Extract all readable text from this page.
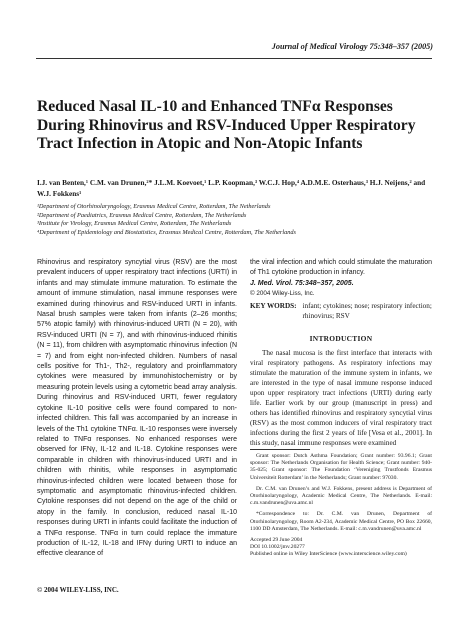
Journal of Medical Virology 75:348–357 (2005)
Reduced Nasal IL-10 and Enhanced TNFα Responses During Rhinovirus and RSV-Induced Upper Respiratory Tract Infection in Atopic and Non-Atopic Infants
I.J. van Benten,¹ C.M. van Drunen,²* J.L.M. Koevoet,¹ L.P. Koopman,³ W.C.J. Hop,⁴ A.D.M.E. Osterhaus,³ H.J. Neijens,² and W.J. Fokkens¹
¹Department of Otorhinolaryngology, Erasmus Medical Centre, Rotterdam, The Netherlands
²Department of Paediatrics, Erasmus Medical Centre, Rotterdam, The Netherlands
³Institute for Virology, Erasmus Medical Centre, Rotterdam, The Netherlands
⁴Department of Epidemiology and Biostatistics, Erasmus Medical Centre, Rotterdam, The Netherlands
Rhinovirus and respiratory syncytial virus (RSV) are the most prevalent inducers of upper respiratory tract infections (URTI) in infants and may stimulate immune maturation. To estimate the amount of immune stimulation, nasal immune responses were examined during rhinovirus and RSV-induced URTI in infants. Nasal brush samples were taken from infants (2–26 months; 57% atopic family) with rhinovirus-induced URTI (N = 20), with RSV-induced URTI (N = 7), and with rhinovirus-induced rhinitis (N = 11), from children with asymptomatic rhinovirus infection (N = 7) and from eight non-infected children. Numbers of nasal cells positive for Th1-, Th2-, regulatory and proinflammatory cytokines were measured by immunohistochemistry or by measuring protein levels using a cytometric bead array analysis. During rhinovirus and RSV-induced URTI, fewer regulatory cytokine IL-10 positive cells were found compared to non-infected children. This fall was accompanied by an increase in levels of the Th1 cytokine TNFα. IL-10 responses were inversely related to TNFα responses. No enhanced responses were observed for IFNγ, IL-12 and IL-18. Cytokine responses were comparable in children with rhinovirus-induced URTI and in children with rhinitis, while responses in asymptomatic rhinovirus-infected children were located between those for symptomatic and asymptomatic rhinovirus-infected children. Cytokine responses did not depend on the age of the child or atopy in the family. In conclusion, reduced nasal IL-10 responses during URTI in infants could facilitate the induction of a TNFα response. TNFα in turn could replace the immature production of IL-12, IL-18 and IFNγ during URTI to induce an effective clearance of
the viral infection and which could stimulate the maturation of Th1 cytokine production in infancy.
J. Med. Virol. 75:348–357, 2005.
© 2004 Wiley-Liss, Inc.
KEY WORDS: infant; cytokines; nose; respiratory infection; rhinovirus; RSV
INTRODUCTION
The nasal mucosa is the first interface that interacts with viral respiratory pathogens. As respiratory infections may stimulate the maturation of the immune system in infants, we are interested in the type of nasal immune response induced upon upper respiratory tract infections (URTI) during early life. Earlier work by our group (manuscript in press) and others has identified rhinovirus and respiratory syncytial virus (RSV) as the most common inducers of viral respiratory tract infections during the first 2 years of life [Vesa et al., 2001]. In this study, nasal immune responses were examined

Grant sponsor: Dutch Asthma Foundation; Grant number: 93.96.1; Grant sponsor: The Netherlands Organisation for Health Science; Grant number: 940-35-025; Grant sponsor: The Foundation ‘Vereniging Trustfonds Erasmus Universiteit Rotterdam’ in the Netherlands; Grant number: 97030.

Dr. C.M. van Drunen’s and W.J. Fokkens, present address is Department of Otorhinolaryngology, Academic Medical Centre, The Netherlands. E-mail: c.m.vandrunen@uva.amc.nl

*Correspondence to: Dr. C.M. van Drunen, Department of Otorhinolaryngology, Room A2-234, Academic Medical Centre, PO Box 22660, 1100 DD Amsterdam, The Netherlands. E-mail: c.m.vandrunen@uva.amc.nl

Accepted 29 June 2004

DOI 10.1002/jmv.20277

Published online in Wiley InterScience (www.interscience.wiley.com)

© 2004 WILEY-LISS, INC.
